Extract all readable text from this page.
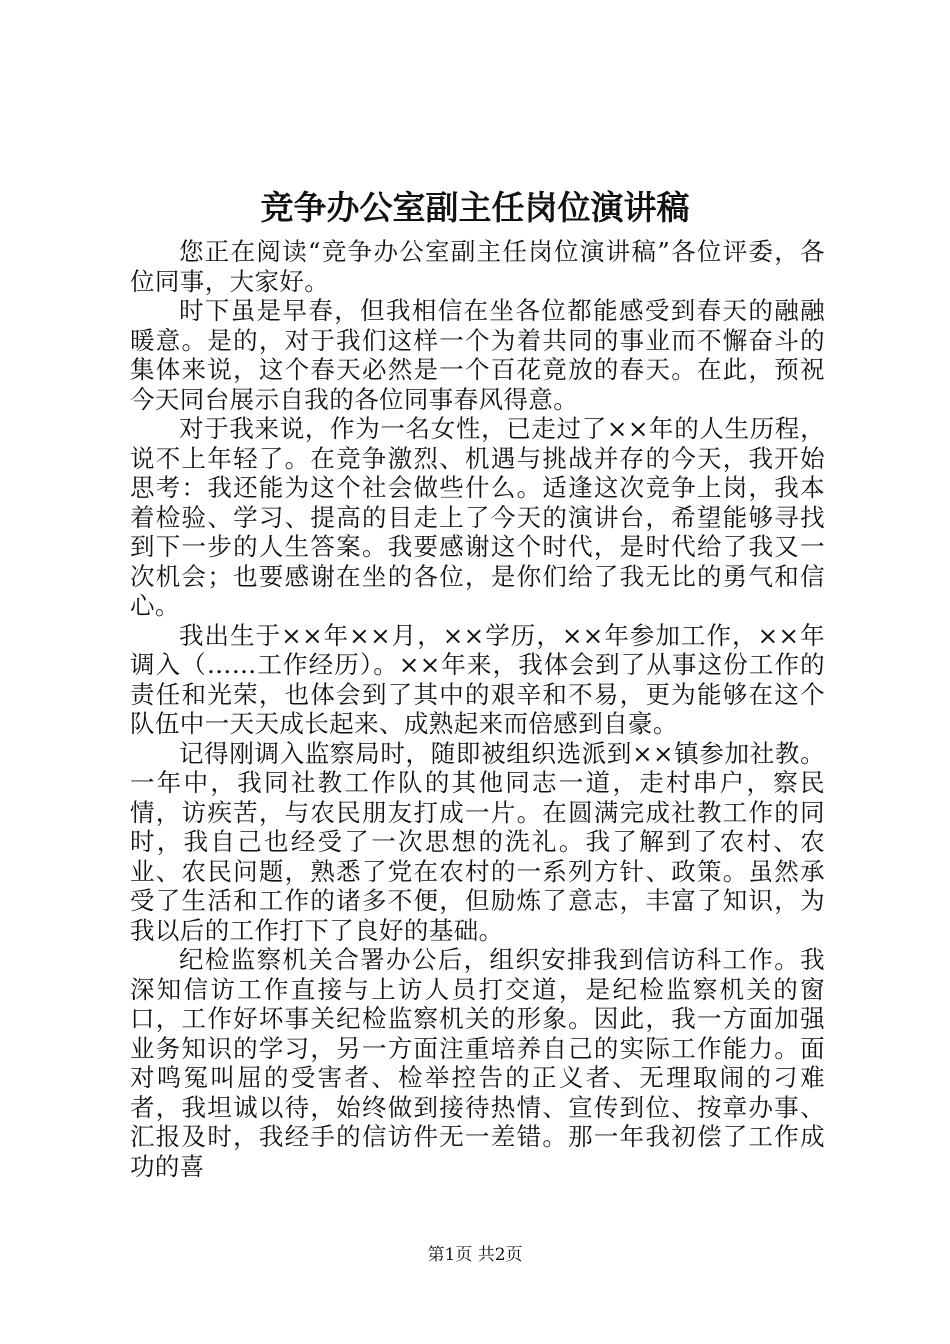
竞争办公室副主任岗位演讲稿

您正在阅读“竞争办公室副主任岗位演讲稿”各位评委，各位同事，大家好。

时下虽是早春，但我相信在坐各位都能感受到春天的融融暖意。是的，对于我们这样一个为着共同的事业而不懈奋斗的集体来说，这个春天必然是一个百花竟放的春天。在此，预祝今天同台展示自我的各位同事春风得意。

对于我来说，作为一名女性，已走过了××年的人生历程，说不上年轻了。在竞争激烈、机遇与挑战并存的今天，我开始思考：我还能为这个社会做些什么。适逢这次竞争上岗，我本着检验、学习、提高的目走上了今天的演讲台，希望能够寻找到下一步的人生答案。我要感谢这个时代，是时代给了我又一次机会；也要感谢在坐的各位，是你们给了我无比的勇气和信心。

我出生于××年××月，××学历，××年参加工作，××年调入（……工作经历）。××年来，我体会到了从事这份工作的责任和光荣，也体会到了其中的艰辛和不易，更为能够在这个队伍中一天天成长起来、成熟起来而倍感到自豪。

记得刚调入监察局时，随即被组织选派到××镇参加社教。一年中，我同社教工作队的其他同志一道，走村串户，察民情，访疾苦，与农民朋友打成一片。在圆满完成社教工作的同时，我自己也经受了一次思想的洗礼。我了解到了农村、农业、农民问题，熟悉了党在农村的一系列方针、政策。虽然承受了生活和工作的诸多不便，但励炼了意志，丰富了知识，为我以后的工作打下了良好的基础。

纪检监察机关合署办公后，组织安排我到信访科工作。我深知信访工作直接与上访人员打交道，是纪检监察机关的窗口，工作好坏事关纪检监察机关的形象。因此，我一方面加强业务知识的学习，另一方面注重培养自己的实际工作能力。面对鸣冤叫屈的受害者、检举控告的正义者、无理取闹的刁难者，我坦诚以待，始终做到接待热情、宣传到位、按章办事、汇报及时，我经手的信访件无一差错。那一年我初偿了工作成功的喜

第1页 共2页
